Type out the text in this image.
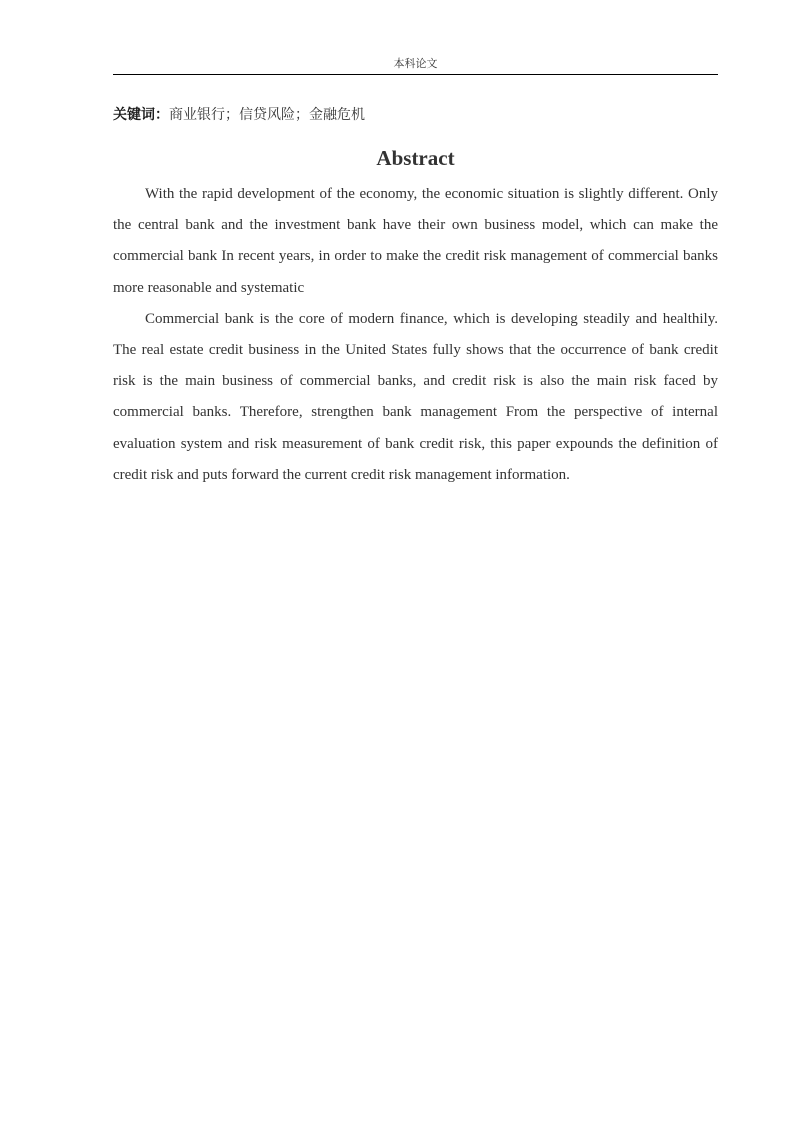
本科论文
关键词：商业银行；信贷风险；金融危机
Abstract

With the rapid development of the economy, the economic situation is slightly different. Only the central bank and the investment bank have their own business model, which can make the commercial bank In recent years, in order to make the credit risk management of commercial banks more reasonable and systematic

Commercial bank is the core of modern finance, which is developing steadily and healthily. The real estate credit business in the United States fully shows that the occurrence of bank credit risk is the main business of commercial banks, and credit risk is also the main risk faced by commercial banks. Therefore, strengthen bank management From the perspective of internal evaluation system and risk measurement of bank credit risk, this paper expounds the definition of credit risk and puts forward the current credit risk management information.
